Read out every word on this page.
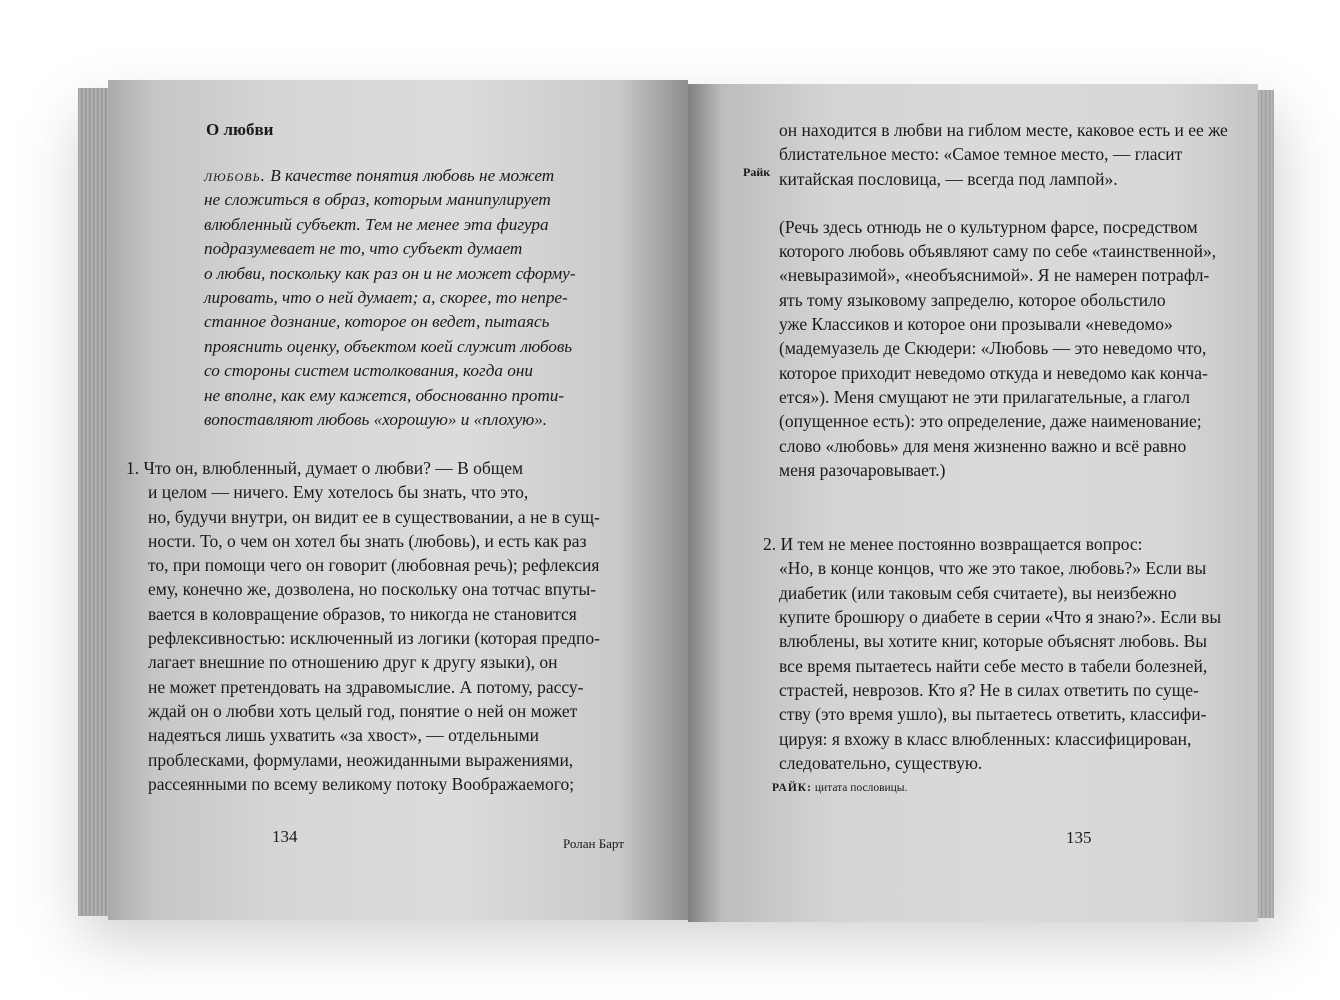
О любви
любовь. В качестве понятия любовь не может
не сложиться в образ, которым манипулирует
влюбленный субъект. Тем не менее эта фигура
подразумевает не то, что субъект думает
о любви, поскольку как раз он и не может сформу-
лировать, что о ней думает; а, скорее, то непре-
станное дознание, которое он ведет, пытаясь
прояснить оценку, объектом коей служит любовь
со стороны систем истолкования, когда они
не вполне, как ему кажется, обоснованно проти-
вопоставляют любовь «хорошую» и «плохую».
1. Что он, влюбленный, думает о любви? — В общем
и целом — ничего. Ему хотелось бы знать, что это,
но, будучи внутри, он видит ее в существовании, а не в сущ-
ности. То, о чем он хотел бы знать (любовь), и есть как раз
то, при помощи чего он говорит (любовная речь); рефлексия
ему, конечно же, дозволена, но поскольку она тотчас впуты-
вается в коловращение образов, то никогда не становится
рефлексивностью: исключенный из логики (которая предпо-
лагает внешние по отношению друг к другу языки), он
не может претендовать на здравомыслие. А потому, рассу-
ждай он о любви хоть целый год, понятие о ней он может
надеяться лишь ухватить «за хвост», — отдельными
проблесками, формулами, неожиданными выражениями,
рассеянными по всему великому потоку Воображаемого;
134	Ролан Барт
Райк
он находится в любви на гиблом месте, каковое есть и ее же
блистательное место: «Самое темное место, — гласит
китайская пословица, — всегда под лампой».
(Речь здесь отнюдь не о культурном фарсе, посредством
которого любовь объявляют саму по себе «таинственной»,
«невыразимой», «необъяснимой». Я не намерен потрафл-
ять тому языковому запределю, которое обольстило
уже Классиков и которое они прозывали «неведомо»
(мадемуазель де Скюдери: «Любовь — это неведомо что,
которое приходит неведомо откуда и неведомо как конча-
ется»). Меня смущают не эти прилагательные, а глагол
(опущенное есть): это определение, даже наименование;
слово «любовь» для меня жизненно важно и всё равно
меня разочаровывает.)
2. И тем не менее постоянно возвращается вопрос:
«Но, в конце концов, что же это такое, любовь?» Если вы
диабетик (или таковым себя считаете), вы неизбежно
купите брошюру о диабете в серии «Что я знаю?». Если вы
влюблены, вы хотите книг, которые объяснят любовь. Вы
все время пытаетесь найти себе место в табели болезней,
страстей, неврозов. Кто я? Не в силах ответить по суще-
ству (это время ушло), вы пытаетесь ответить, классифи-
цируя: я вхожу в класс влюбленных: классифицирован,
следовательно, существую.
РАЙК: цитата пословицы.
135
